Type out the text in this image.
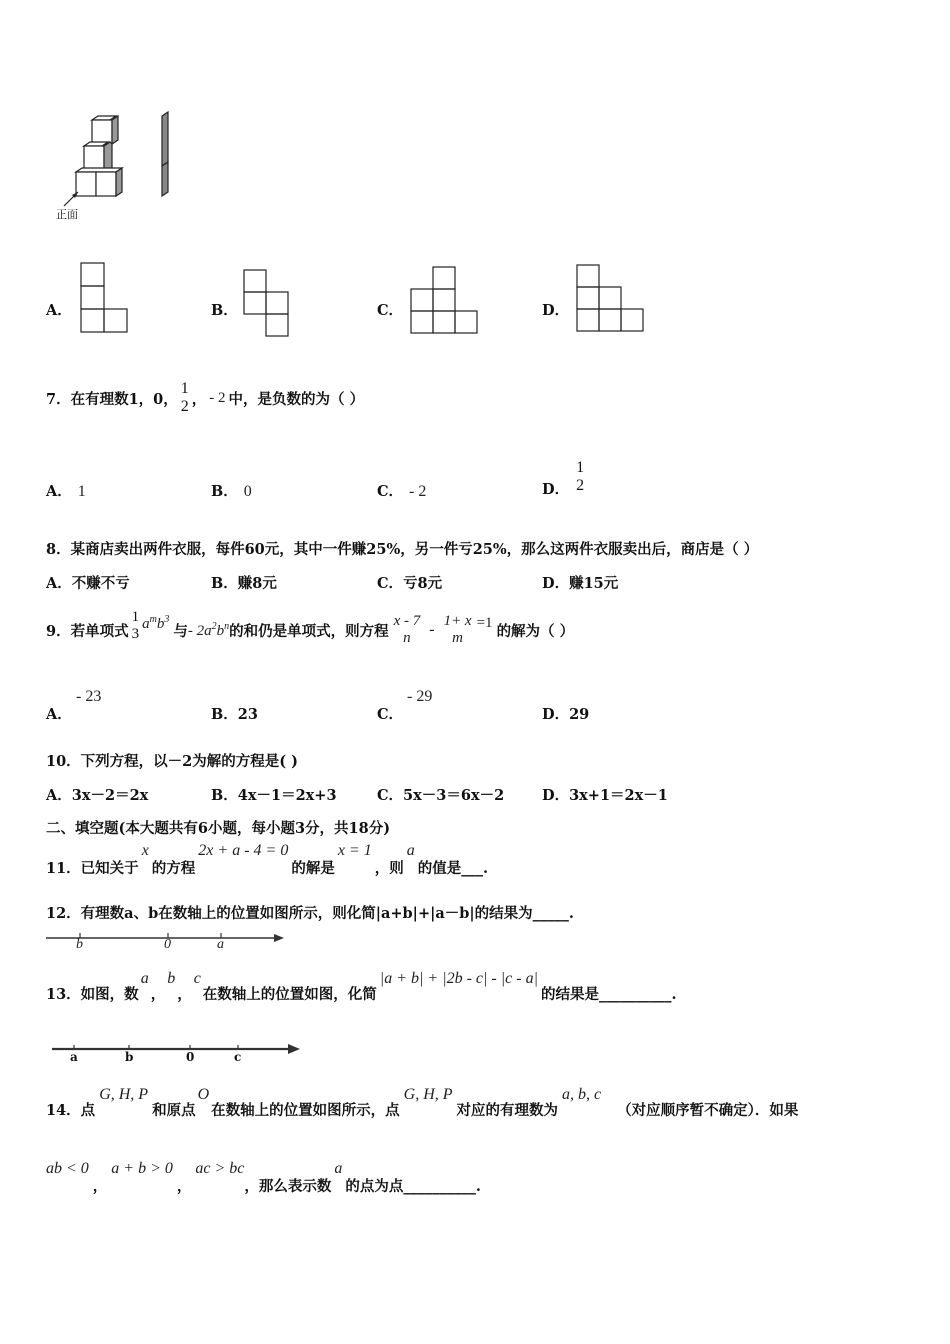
正面
A．	B．	C．	D．
7． 在有理数1，0，
1
2 ， - 2 中，是负数的为（ ）
A． 1	B． 0	C． - 2	D．
1
2
8．某商店卖出两件衣服，每件60元，其中一件赚25%，另一件亏25%，那么这两件衣服卖出后，商店是（ ）
A．不赚不亏	B．赚8元	C．亏8元	D．赚15元
9．若单项式
1
3
$a^mb^3$
与 - $2a^2b^n$ 的和仍是单项式，则方程
x - 7
n	- 1+ x
m
=1 的解为（ ）
A．
- 23
B．23	C．
- 29
D．29
10．下列方程，以－2为解的方程是( )
A．3x－2＝2x	B．4x－1＝2x+3	C．5x－3＝6x－2	D．3x+1＝2x－1
二、填空题(本大题共有6小题，每小题3分，共18分)
11．已知关于
x
的方程
2x + a - 4 = 0
的解是
x = 1
，则
a
的值是___.
12．有理数a、b在数轴上的位置如图所示，则化简|a+b|+|a－b|的结果为_____.
b	0	a
13．如图，数
a
，
b
，
c
在数轴上的位置如图，化简
|a + b| + |2b - c| - |c - a|
的结果是__________.
a	b	0	c
14．点
G, H, P
和原点
O
在数轴上的位置如图所示，点
G, H, P
对应的有理数为
a, b, c
（对应顺序暂不确定）．如果
ab < 0
，
a + b > 0
，
ac > bc
，那么表示数
a
的点为点__________.
